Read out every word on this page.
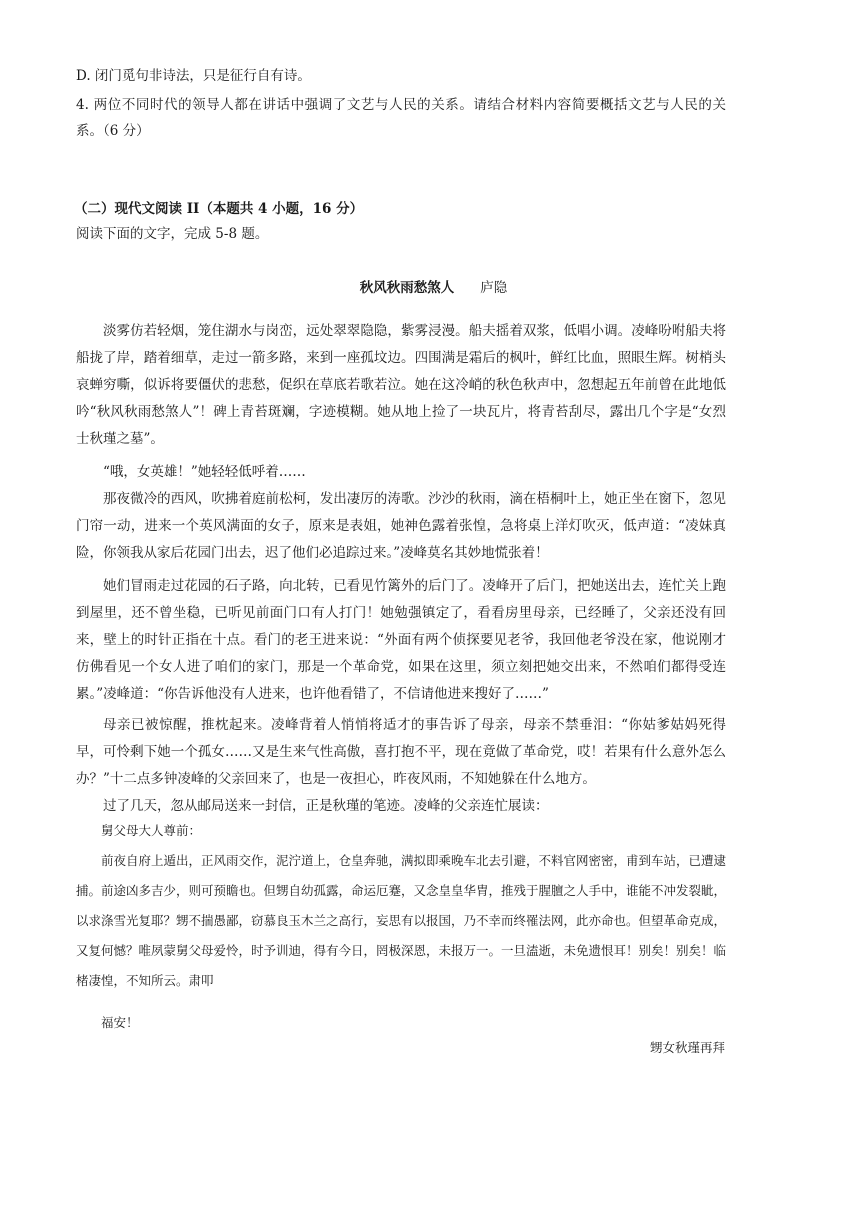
D. 闭门觅句非诗法，只是征行自有诗。
4. 两位不同时代的领导人都在讲话中强调了文艺与人民的关系。请结合材料内容简要概括文艺与人民的关系。（6 分）
（二）现代文阅读 II（本题共 4 小题，16 分）
阅读下面的文字，完成 5-8 题。
秋风秋雨愁煞人 庐隐
淡雾仿若轻烟，笼住湖水与岗峦，远处翠翠隐隐，紫雾浸漫。船夫摇着双浆，低唱小调。凌峰吩咐船夫将船拢了岸，踏着细草，走过一箭多路，来到一座孤坟边。四围满是霜后的枫叶，鲜红比血，照眼生辉。树梢头哀蝉穷嘶，似诉将要僵伏的悲愁，促织在草底若歌若泣。她在这冷峭的秋色秋声中，忽想起五年前曾在此地低吟“秋风秋雨愁煞人”！碑上青苔斑斓，字迹模糊。她从地上捡了一块瓦片，将青苔刮尽，露出几个字是“女烈士秋瑾之墓”。
“哦，女英雄！”她轻轻低呼着……
那夜微冷的西风，吹拂着庭前松柯，发出凄厉的涛歌。沙沙的秋雨，滴在梧桐叶上，她正坐在窗下，忽见门帘一动，进来一个英风满面的女子，原来是表姐，她神色露着张惶，急将桌上洋灯吹灭，低声道：“凌妹真险，你领我从家后花园门出去，迟了他们必追踪过来。”凌峰莫名其妙地慌张着！
她们冒雨走过花园的石子路，向北转，已看见竹篱外的后门了。凌峰开了后门，把她送出去，连忙关上跑到屋里，还不曾坐稳，已听见前面门口有人打门！她勉强镇定了，看看房里母亲，已经睡了，父亲还没有回来，壁上的时针正指在十点。看门的老王进来说：“外面有两个侦探要见老爷，我回他老爷没在家，他说刚才仿佛看见一个女人进了咱们的家门，那是一个革命党，如果在这里，须立刻把她交出来，不然咱们都得受连累。”凌峰道：“你告诉他没有人进来，也许他看错了，不信请他进来搜好了……”
母亲已被惊醒，推枕起来。凌峰背着人悄悄将适才的事告诉了母亲，母亲不禁垂泪：“你姑爹姑妈死得早，可怜剩下她一个孤女……又是生来气性高傲，喜打抱不平，现在竟做了革命党，哎！若果有什么意外怎么办？”十二点多钟凌峰的父亲回来了，也是一夜担心，昨夜风雨，不知她躲在什么地方。
过了几天，忽从邮局送来一封信，正是秋瑾的笔迹。凌峰的父亲连忙展读：
舅父母大人尊前：
前夜自府上遁出，正风雨交作，泥泞道上，仓皇奔驰，满拟即乘晚车北去引避，不料官网密密，甫到车站，已遭逮捕。前途凶多吉少，则可预瞻也。但甥自幼孤露，命运厄蹇，又念皇皇华胄，推残于腥膻之人手中，谁能不冲发裂眦，以求涤雪光复耶？甥不揣愚鄙，窃慕良玉木兰之高行，妄思有以报国，乃不幸而终罹法网，此亦命也。但望革命克成，又复何憾？唯夙蒙舅父母爱怜，时予训迪，得有今日，罔极深恩，未报万一。一旦溘逝，未免遗恨耳！别矣！别矣！临楮凄惶，不知所云。肃叩
福安！
甥女秋瑾再拜
